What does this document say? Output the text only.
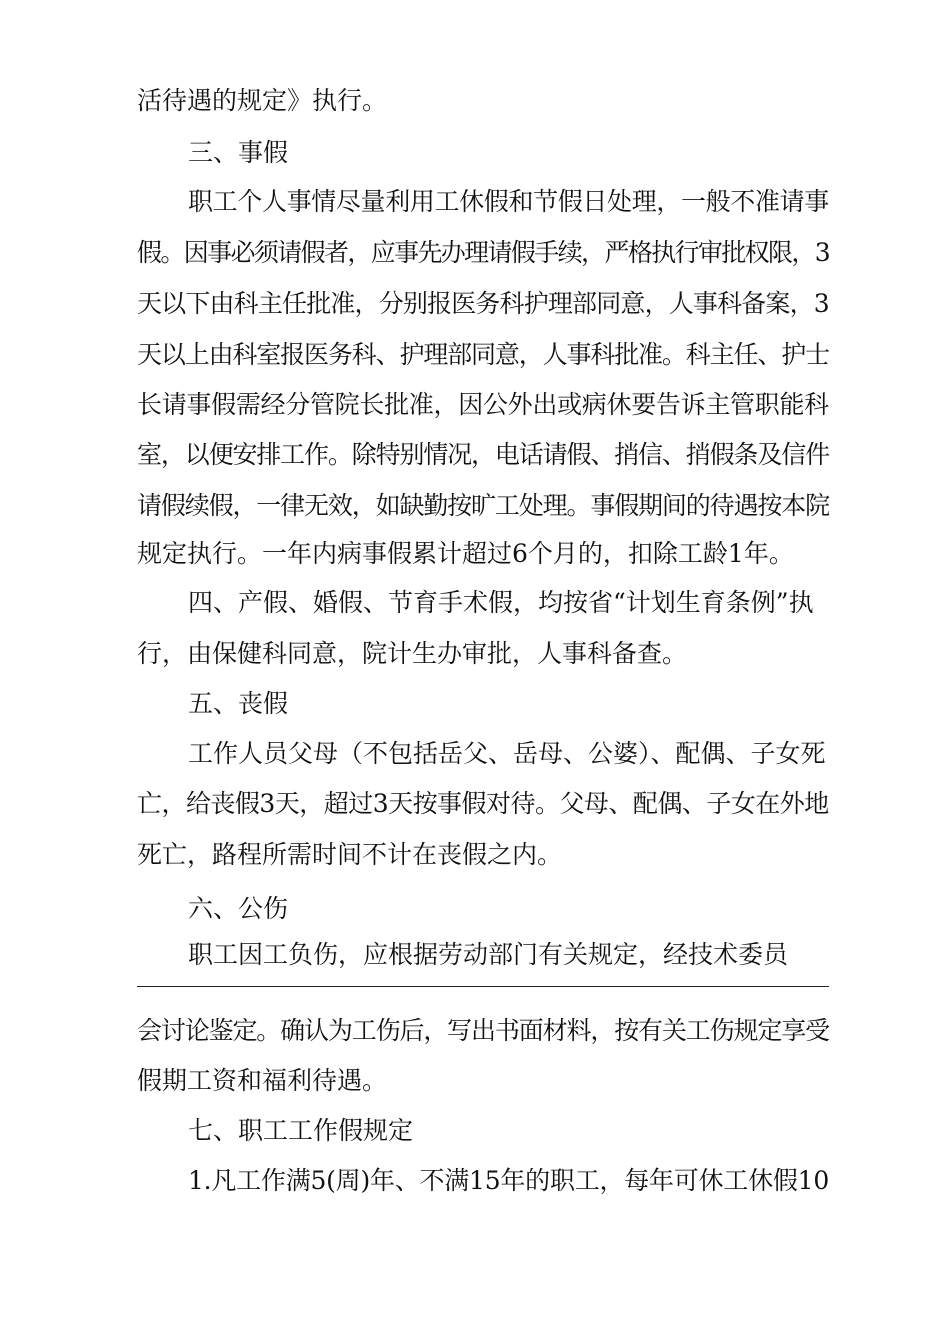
活待遇的规定》执行。
三、事假
职工个人事情尽量利用工休假和节假日处理，一般不准请事
假。因事必须请假者，应事先办理请假手续，严格执行审批权限，3
天以下由科主任批准，分别报医务科护理部同意，人事科备案，3
天以上由科室报医务科、护理部同意，人事科批准。科主任、护士
长请事假需经分管院长批准，因公外出或病休要告诉主管职能科
室，以便安排工作。除特别情况，电话请假、捎信、捎假条及信件
请假续假，一律无效，如缺勤按旷工处理。事假期间的待遇按本院
规定执行。一年内病事假累计超过6个月的，扣除工龄1年。
四、产假、婚假、节育手术假，均按省“计划生育条例”执
行，由保健科同意，院计生办审批，人事科备查。
五、丧假
工作人员父母（不包括岳父、岳母、公婆）、配偶、子女死
亡，给丧假3天，超过3天按事假对待。父母、配偶、子女在外地
死亡，路程所需时间不计在丧假之内。
六、公伤
职工因工负伤，应根据劳动部门有关规定，经技术委员
会讨论鉴定。确认为工伤后，写出书面材料，按有关工伤规定享受
假期工资和福利待遇。
七、职工工作假规定
1.凡工作满5(周)年、不满15年的职工，每年可休工休假10
